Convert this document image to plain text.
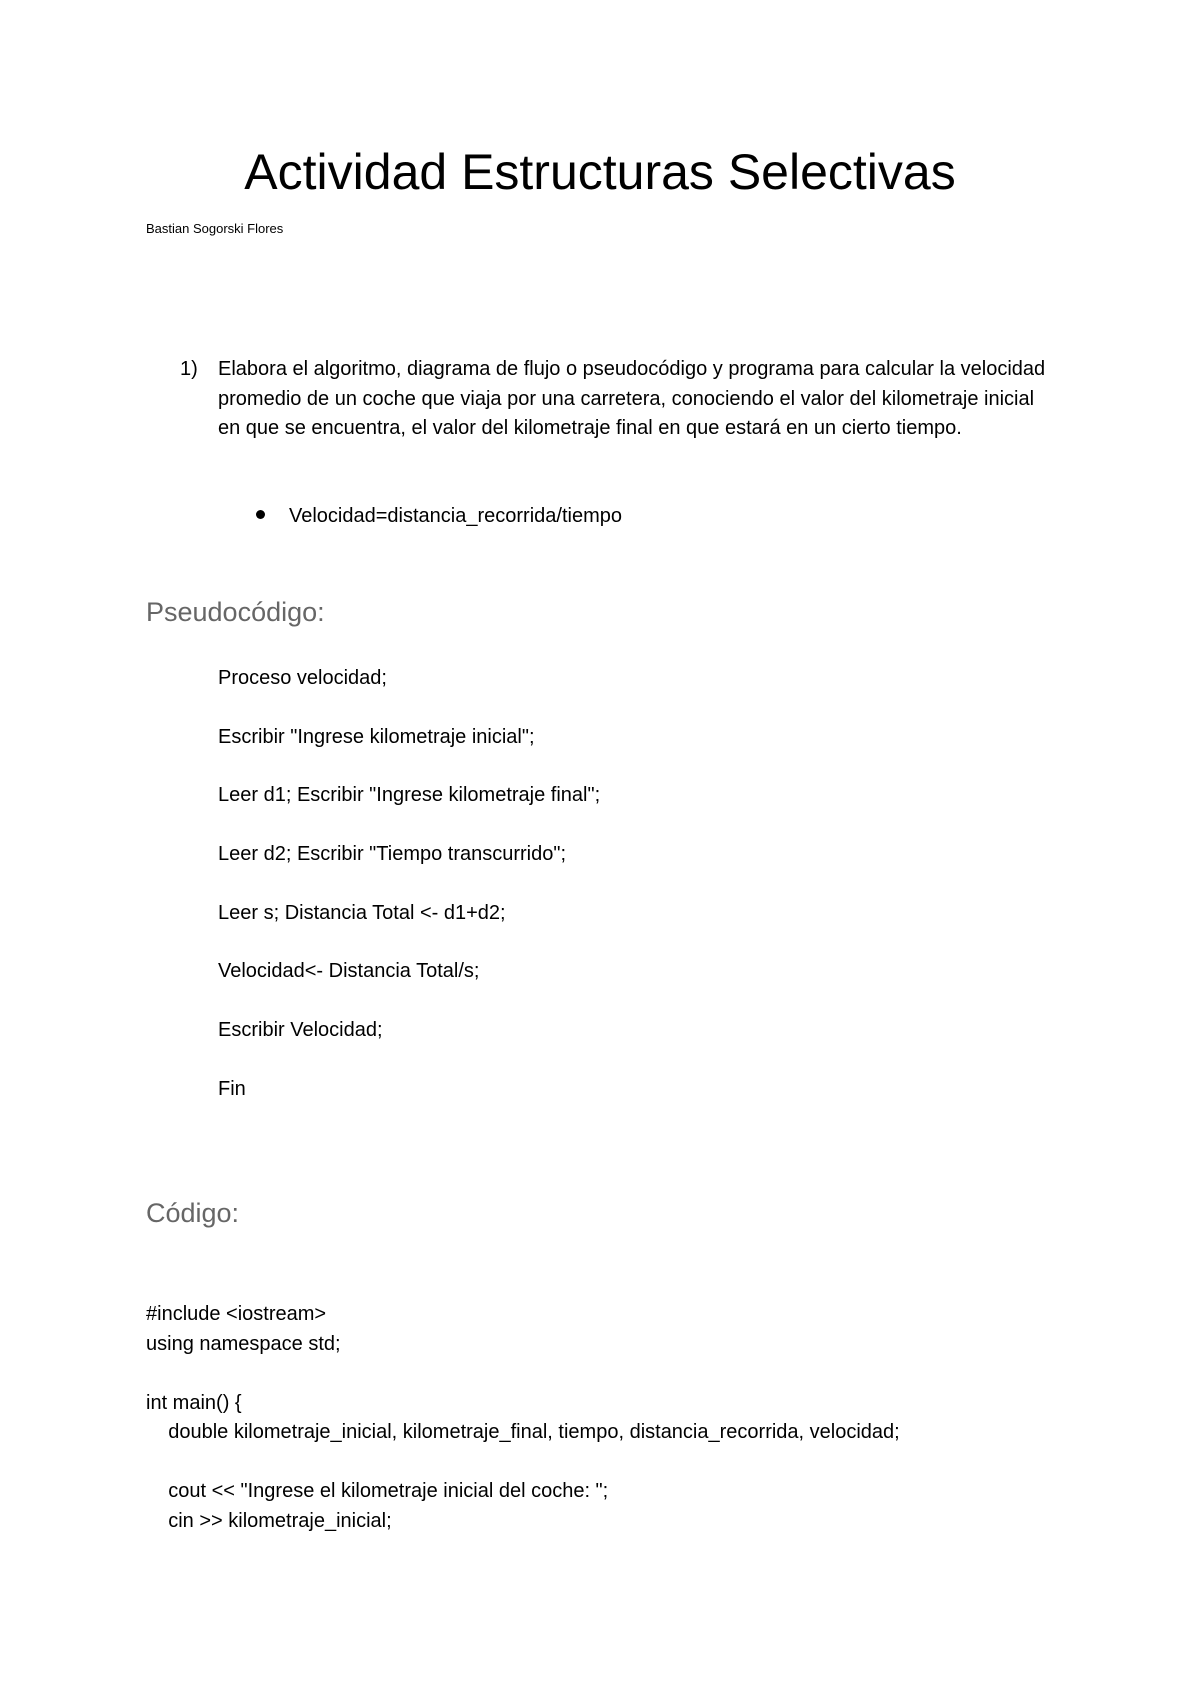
Actividad Estructuras Selectivas
Bastian Sogorski Flores
1) Elabora el algoritmo, diagrama de flujo o pseudocódigo y programa para calcular la velocidad promedio de un coche que viaja por una carretera, conociendo el valor del kilometraje inicial en que se encuentra, el valor del kilometraje final en que estará en un cierto tiempo.
Velocidad=distancia_recorrida/tiempo
Pseudocódigo:
Proceso velocidad;
Escribir "Ingrese kilometraje inicial";
Leer d1; Escribir "Ingrese kilometraje final";
Leer d2; Escribir "Tiempo transcurrido";
Leer s; Distancia Total <- d1+d2;
Velocidad<- Distancia Total/s;
Escribir Velocidad;
Fin
Código:
#include <iostream>
using namespace std;
int main() {
double kilometraje_inicial, kilometraje_final, tiempo, distancia_recorrida, velocidad;
cout << "Ingrese el kilometraje inicial del coche: ";
cin >> kilometraje_inicial;
